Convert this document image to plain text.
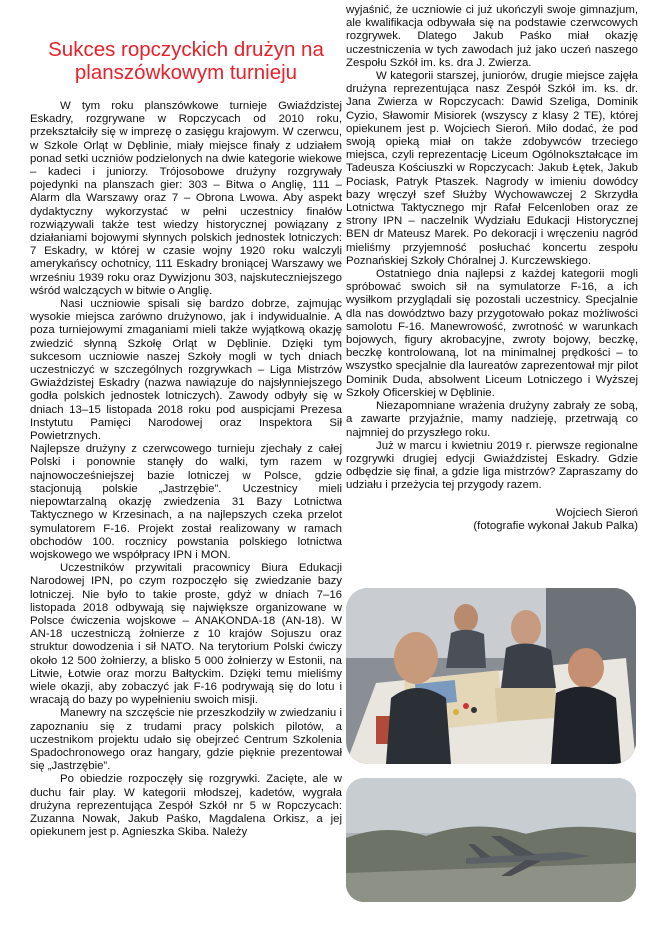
Sukces ropczyckich drużyn na planszówkowym turnieju

W tym roku planszówkowe turnieje Gwiaździstej Eskadry, rozgrywane w Ropczycach od 2010 roku, przekształciły się w imprezę o zasięgu krajowym. W czerwcu, w Szkole Orląt w Dęblinie, miały miejsce finały z udziałem ponad setki uczniów podzielonych na dwie kategorie wiekowe – kadeci i juniorzy. Trójosobowe drużyny rozgrywały pojedynki na planszach gier: 303 – Bitwa o Anglię, 111 – Alarm dla Warszawy oraz 7 – Obrona Lwowa. Aby aspekt dydaktyczny wykorzystać w pełni uczestnicy finałów rozwiązywali także test wiedzy historycznej powiązany z działaniami bojowymi słynnych polskich jednostek lotniczych: 7 Eskadry, w której w czasie wojny 1920 roku walczyli amerykańscy ochotnicy, 111 Eskadry broniącej Warszawy we wrześniu 1939 roku oraz Dywizjonu 303, najskuteczniejszego wśród walczących w bitwie o Anglię.

Nasi uczniowie spisali się bardzo dobrze, zajmując wysokie miejsca zarówno drużynowo, jak i indywidualnie. A poza turniejowymi zmaganiami mieli także wyjątkową okazję zwiedzić słynną Szkołę Orląt w Dęblinie. Dzięki tym sukcesom uczniowie naszej Szkoły mogli w tych dniach uczestniczyć w szczególnych rozgrywkach – Liga Mistrzów Gwiaździstej Eskadry (nazwa nawiązuje do najsłynniejszego godła polskich jednostek lotniczych). Zawody odbyły się w dniach 13–15 listopada 2018 roku pod auspicjami Prezesa Instytutu Pamięci Narodowej oraz Inspektora Sił Powietrznych.

Najlepsze drużyny z czerwcowego turnieju zjechały z całej Polski i ponownie stanęły do walki, tym razem w najnowocześniejszej bazie lotniczej w Polsce, gdzie stacjonują polskie „Jastrzębie”. Uczestnicy mieli niepowtarzalną okazję zwiedzenia 31 Bazy Lotnictwa Taktycznego w Krzesinach, a na najlepszych czeka przelot symulatorem F-16. Projekt został realizowany w ramach obchodów 100. rocznicy powstania polskiego lotnictwa wojskowego we współpracy IPN i MON.

Uczestników przywitali pracownicy Biura Edukacji Narodowej IPN, po czym rozpoczęło się zwiedzanie bazy lotniczej. Nie było to takie proste, gdyż w dniach 7–16 listopada 2018 odbywają się największe organizowane w Polsce ćwiczenia wojskowe – ANAKONDA-18 (AN-18). W AN-18 uczestniczą żołnierze z 10 krajów Sojuszu oraz struktur dowodzenia i sił NATO. Na terytorium Polski ćwiczy około 12 500 żołnierzy, a blisko 5 000 żołnierzy w Estonii, na Litwie, Łotwie oraz morzu Bałtyckim. Dzięki temu mieliśmy wiele okazji, aby zobaczyć jak F-16 podrywają się do lotu i wracają do bazy po wypełnieniu swoich misji.

Manewry na szczęście nie przeszkodziły w zwiedzaniu i zapoznaniu się z trudami pracy polskich pilotów, a uczestnikom projektu udało się obejrzeć Centrum Szkolenia Spadochronowego oraz hangary, gdzie pięknie prezentował się „Jastrzębie”.

Po obiedzie rozpoczęły się rozgrywki. Zacięte, ale w duchu fair play. W kategorii młodszej, kadetów, wygrała drużyna reprezentująca Zespół Szkół nr 5 w Ropczycach: Zuzanna Nowak, Jakub Paśko, Magdalena Orkisz, a jej opiekunem jest p. Agnieszka Skiba. Należy

wyjaśnić, że uczniowie ci już ukończyli swoje gimnazjum, ale kwalifikacja odbywała się na podstawie czerwcowych rozgrywek. Dlatego Jakub Paśko miał okazję uczestniczenia w tych zawodach już jako uczeń naszego Zespołu Szkół im. ks. dra J. Zwierza.

W kategorii starszej, juniorów, drugie miejsce zajęła drużyna reprezentująca nasz Zespół Szkół im. ks. dr. Jana Zwierza w Ropczycach: Dawid Szeliga, Dominik Cyzio, Sławomir Misiorek (wszyscy z klasy 2 TE), której opiekunem jest p. Wojciech Sieroń. Miło dodać, że pod swoją opieką miał on także zdobywców trzeciego miejsca, czyli reprezentację Liceum Ogólnokształcące im Tadeusza Kościuszki w Ropczycach: Jakub Łętek, Jakub Pociask, Patryk Ptaszek. Nagrody w imieniu dowódcy bazy wręczył szef Służby Wychowawczej 2 Skrzydła Lotnictwa Taktycznego mjr Rafał Felcenloben oraz ze strony IPN – naczelnik Wydziału Edukacji Historycznej BEN dr Mateusz Marek. Po dekoracji i wręczeniu nagród mieliśmy przyjemność posłuchać koncertu zespołu Poznańskiej Szkoły Chóralnej J. Kurczewskiego.

Ostatniego dnia najlepsi z każdej kategorii mogli spróbować swoich sił na symulatorze F-16, a ich wysiłkom przyglądali się pozostali uczestnicy. Specjalnie dla nas dowództwo bazy przygotowało pokaz możliwości samolotu F-16. Manewrowość, zwrotność w warunkach bojowych, figury akrobacyjne, zwroty bojowy, beczkę, beczkę kontrolowaną, lot na minimalnej prędkości – to wszystko specjalnie dla laureatów zaprezentował mjr pilot Dominik Duda, absolwent Liceum Lotniczego i Wyższej Szkoły Oficerskiej w Dęblinie.

Niezapomniane wrażenia drużyny zabrały ze sobą, a zawarte przyjaźnie, mamy nadzieję, przetrwają co najmniej do przyszłego roku.

Już w marcu i kwietniu 2019 r. pierwsze regionalne rozgrywki drugiej edycji Gwiaździstej Eskadry. Gdzie odbędzie się finał, a gdzie liga mistrzów? Zapraszamy do udziału i przeżycia tej przygody razem.

Wojciech Sieroń
(fotografie wykonał Jakub Palka)
